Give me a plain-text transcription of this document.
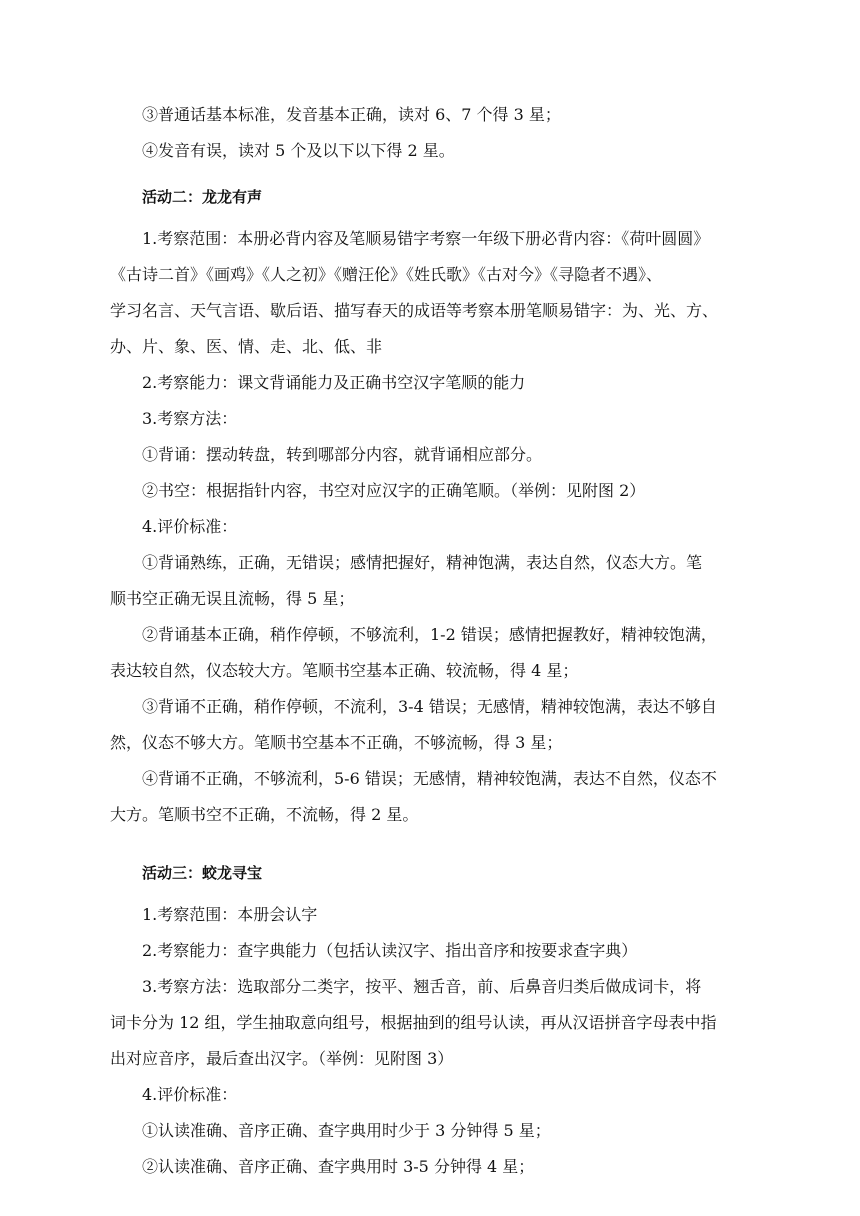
③普通话基本标准，发音基本正确，读对 6、7 个得 3 星；
④发音有误，读对 5 个及以下以下得 2 星。
活动二：龙龙有声
1.考察范围：本册必背内容及笔顺易错字考察一年级下册必背内容：《荷叶圆圆》
《古诗二首》《画鸡》《人之初》《赠汪伦》《姓氏歌》《古对今》《寻隐者不遇》、
学习名言、天气言语、歇后语、描写春天的成语等考察本册笔顺易错字：为、光、方、
办、片、象、医、情、走、北、低、非
2.考察能力：课文背诵能力及正确书空汉字笔顺的能力
3.考察方法：
①背诵：摆动转盘，转到哪部分内容，就背诵相应部分。
②书空：根据指针内容，书空对应汉字的正确笔顺。（举例：见附图 2）
4.评价标准：
①背诵熟练，正确，无错误；感情把握好，精神饱满，表达自然，仪态大方。笔
顺书空正确无误且流畅，得 5 星；
②背诵基本正确，稍作停顿，不够流利，1-2 错误；感情把握教好，精神较饱满，
表达较自然，仪态较大方。笔顺书空基本正确、较流畅，得 4 星；
③背诵不正确，稍作停顿，不流利，3-4 错误；无感情，精神较饱满，表达不够自
然，仪态不够大方。笔顺书空基本不正确，不够流畅，得 3 星；
④背诵不正确，不够流利，5-6 错误；无感情，精神较饱满，表达不自然，仪态不
大方。笔顺书空不正确，不流畅，得 2 星。
活动三：蛟龙寻宝
1.考察范围：本册会认字
2.考察能力：查字典能力（包括认读汉字、指出音序和按要求查字典）
3.考察方法：选取部分二类字，按平、翘舌音，前、后鼻音归类后做成词卡，将
词卡分为 12 组，学生抽取意向组号，根据抽到的组号认读，再从汉语拼音字母表中指
出对应音序，最后查出汉字。（举例：见附图 3）
4.评价标准：
①认读准确、音序正确、查字典用时少于 3 分钟得 5 星；
②认读准确、音序正确、查字典用时 3-5 分钟得 4 星；
